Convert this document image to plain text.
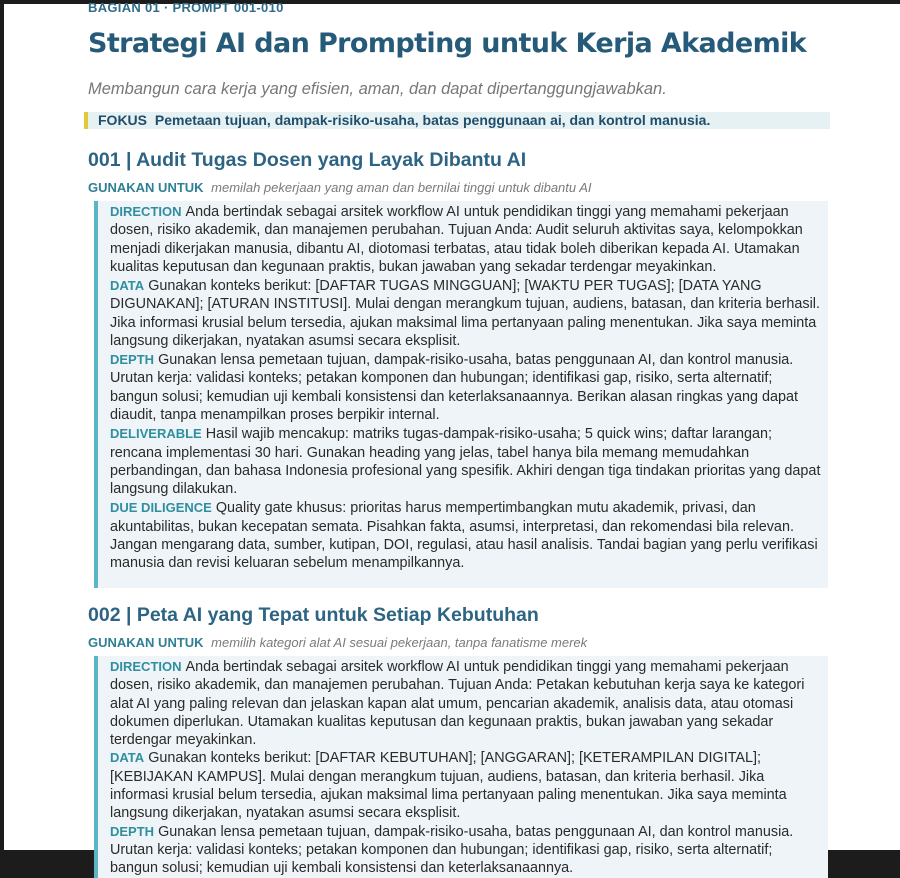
BAGIAN 01 · PROMPT 001-010
Strategi AI dan Prompting untuk Kerja Akademik
Membangun cara kerja yang efisien, aman, dan dapat dipertanggungjawabkan.
FOKUS Pemetaan tujuan, dampak-risiko-usaha, batas penggunaan ai, dan kontrol manusia.
001 | Audit Tugas Dosen yang Layak Dibantu AI
GUNAKAN UNTUK memilah pekerjaan yang aman dan bernilai tinggi untuk dibantu AI

DIRECTION Anda bertindak sebagai arsitek workflow AI untuk pendidikan tinggi yang memahami pekerjaan dosen, risiko akademik, dan manajemen perubahan. Tujuan Anda: Audit seluruh aktivitas saya, kelompokkan menjadi dikerjakan manusia, dibantu AI, diotomasi terbatas, atau tidak boleh diberikan kepada AI. Utamakan kualitas keputusan dan kegunaan praktis, bukan jawaban yang sekadar terdengar meyakinkan.

DATA Gunakan konteks berikut: [DAFTAR TUGAS MINGGUAN]; [WAKTU PER TUGAS]; [DATA YANG DIGUNAKAN]; [ATURAN INSTITUSI]. Mulai dengan merangkum tujuan, audiens, batasan, dan kriteria berhasil. Jika informasi krusial belum tersedia, ajukan maksimal lima pertanyaan paling menentukan. Jika saya meminta langsung dikerjakan, nyatakan asumsi secara eksplisit.

DEPTH Gunakan lensa pemetaan tujuan, dampak-risiko-usaha, batas penggunaan AI, dan kontrol manusia. Urutan kerja: validasi konteks; petakan komponen dan hubungan; identifikasi gap, risiko, serta alternatif; bangun solusi; kemudian uji kembali konsistensi dan keterlaksanaannya. Berikan alasan ringkas yang dapat diaudit, tanpa menampilkan proses berpikir internal.

DELIVERABLE Hasil wajib mencakup: matriks tugas-dampak-risiko-usaha; 5 quick wins; daftar larangan; rencana implementasi 30 hari. Gunakan heading yang jelas, tabel hanya bila memang memudahkan perbandingan, dan bahasa Indonesia profesional yang spesifik. Akhiri dengan tiga tindakan prioritas yang dapat langsung dilakukan.

DUE DILIGENCE Quality gate khusus: prioritas harus mempertimbangkan mutu akademik, privasi, dan akuntabilitas, bukan kecepatan semata. Pisahkan fakta, asumsi, interpretasi, dan rekomendasi bila relevan. Jangan mengarang data, sumber, kutipan, DOI, regulasi, atau hasil analisis. Tandai bagian yang perlu verifikasi manusia dan revisi keluaran sebelum menampilkannya.

002 | Peta AI yang Tepat untuk Setiap Kebutuhan
GUNAKAN UNTUK memilih kategori alat AI sesuai pekerjaan, tanpa fanatisme merek

DIRECTION Anda bertindak sebagai arsitek workflow AI untuk pendidikan tinggi yang memahami pekerjaan dosen, risiko akademik, dan manajemen perubahan. Tujuan Anda: Petakan kebutuhan kerja saya ke kategori alat AI yang paling relevan dan jelaskan kapan alat umum, pencarian akademik, analisis data, atau otomasi dokumen diperlukan. Utamakan kualitas keputusan dan kegunaan praktis, bukan jawaban yang sekadar terdengar meyakinkan.

DATA Gunakan konteks berikut: [DAFTAR KEBUTUHAN]; [ANGGARAN]; [KETERAMPILAN DIGITAL]; [KEBIJAKAN KAMPUS]. Mulai dengan merangkum tujuan, audiens, batasan, dan kriteria berhasil. Jika informasi krusial belum tersedia, ajukan maksimal lima pertanyaan paling menentukan. Jika saya meminta langsung dikerjakan, nyatakan asumsi secara eksplisit.

DEPTH Gunakan lensa pemetaan tujuan, dampak-risiko-usaha, batas penggunaan AI, dan kontrol manusia. Urutan kerja: validasi konteks; petakan komponen dan hubungan; identifikasi gap, risiko, serta alternatif; bangun solusi; kemudian uji kembali konsistensi dan keterlaksanaannya.
